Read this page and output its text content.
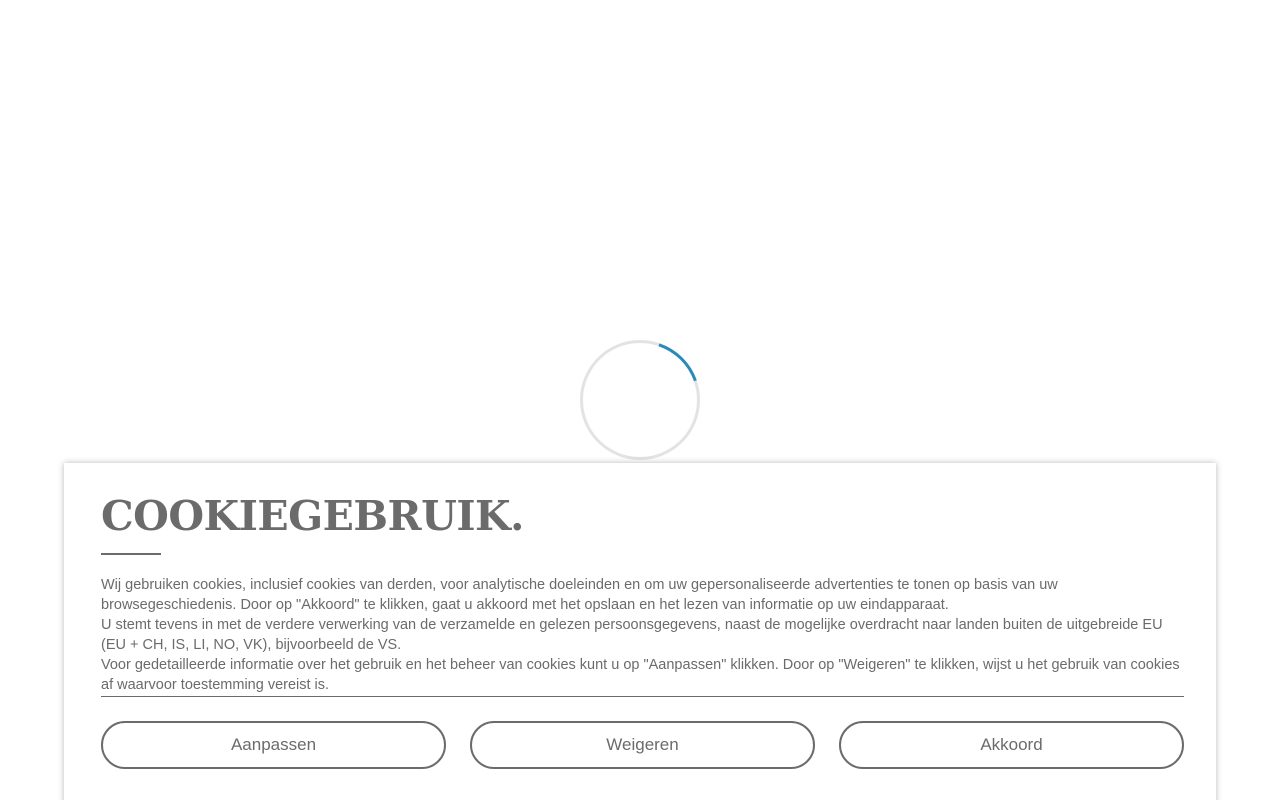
COOKIEGEBRUIK.

Wij gebruiken cookies, inclusief cookies van derden, voor analytische doeleinden en om uw gepersonaliseerde advertenties te tonen op basis van uw browsegeschiedenis. Door op "Akkoord" te klikken, gaat u akkoord met het opslaan en het lezen van informatie op uw eindapparaat.

U stemt tevens in met de verdere verwerking van de verzamelde en gelezen persoonsgegevens, naast de mogelijke overdracht naar landen buiten de uitgebreide EU (EU + CH, IS, LI, NO, VK), bijvoorbeeld de VS.

Voor gedetailleerde informatie over het gebruik en het beheer van cookies kunt u op "Aanpassen" klikken. Door op "Weigeren" te klikken, wijst u het gebruik van cookies af waarvoor toestemming vereist is.

Aanpassen	Weigeren	Akkoord
